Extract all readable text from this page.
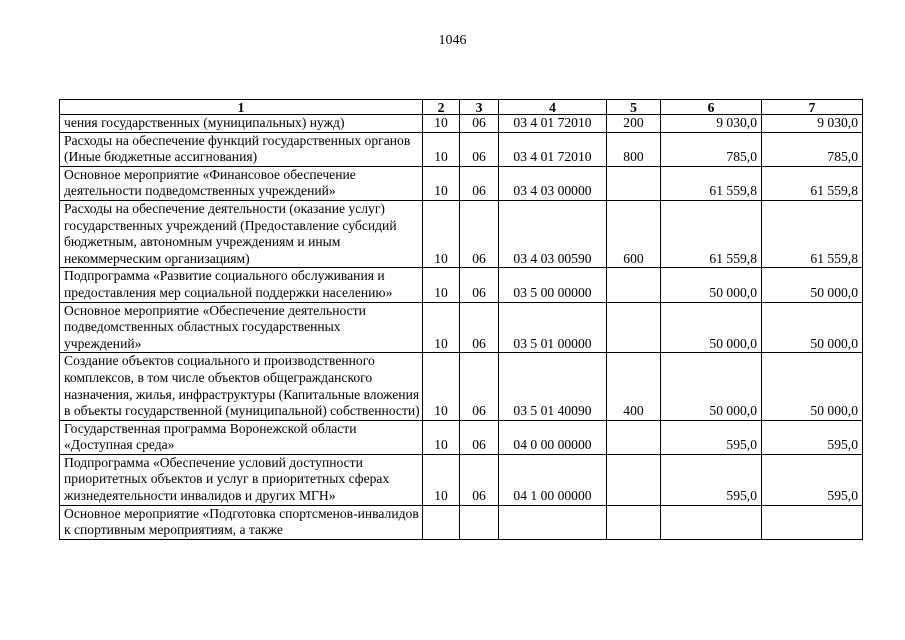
1046
1	2	3	4	5	6	7
чения государственных (муниципальных) нужд)	10	06	03 4 01 72010	200	9 030,0	9 030,0
Расходы на обеспечение функций государственных органов (Иные бюджетные ассигнования)	10	06	03 4 01 72010	800	785,0	785,0
Основное мероприятие «Финансовое обеспечение деятельности подведомственных учреждений»	10	06	03 4 03 00000		61 559,8	61 559,8
Расходы на обеспечение деятельности (оказание услуг) государственных учреждений (Предоставление субсидий бюджетным, автономным учреждениям и иным некоммерческим организациям)	10	06	03 4 03 00590	600	61 559,8	61 559,8
Подпрограмма «Развитие социального обслуживания и предоставления мер социальной поддержки населению»	10	06	03 5 00 00000		50 000,0	50 000,0
Основное мероприятие «Обеспечение деятельности подведомственных областных государственных учреждений»	10	06	03 5 01 00000		50 000,0	50 000,0
Создание объектов социального и производственного комплексов, в том числе объектов общегражданского назначения, жилья, инфраструктуры (Капитальные вложения в объекты государственной (муниципальной) собственности)	10	06	03 5 01 40090	400	50 000,0	50 000,0
Государственная программа Воронежской области «Доступная среда»	10	06	04 0 00 00000		595,0	595,0
Подпрограмма «Обеспечение условий доступности приоритетных объектов и услуг в приоритетных сферах жизнедеятельности инвалидов и других МГН»	10	06	04 1 00 00000		595,0	595,0
Основное мероприятие «Подготовка спортсменов-инвалидов к спортивным мероприятиям, а также						
